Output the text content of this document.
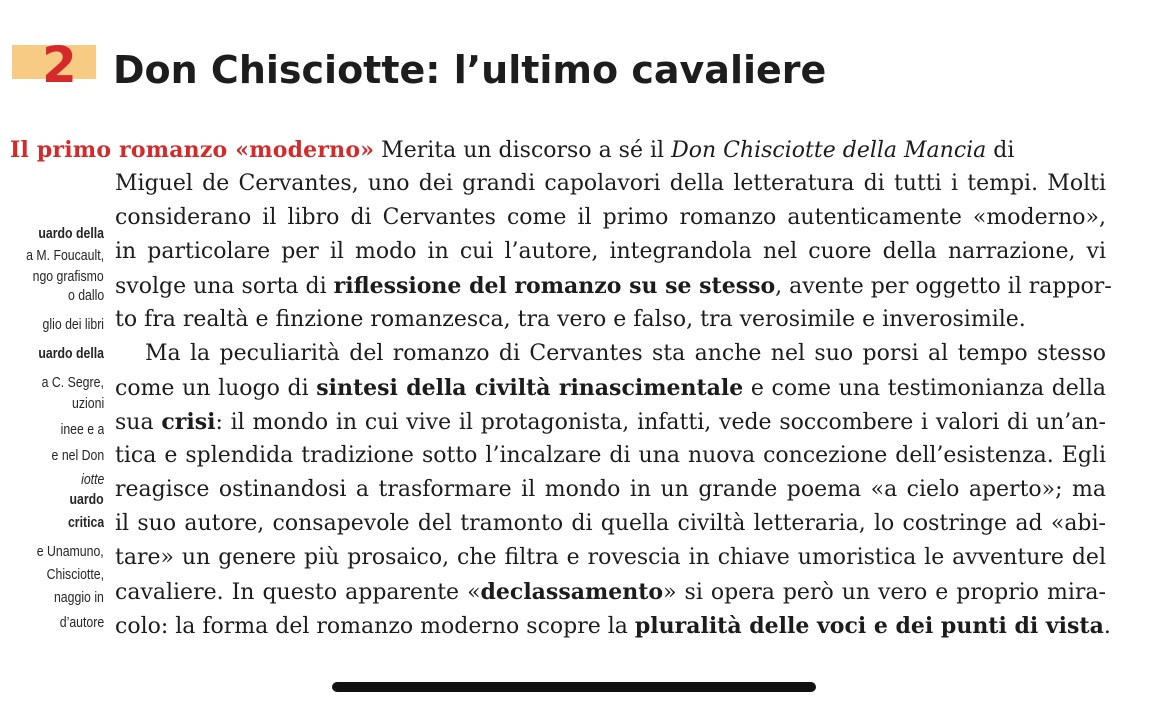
2 Don Chisciotte: l’ultimo cavaliere
uardo della
a M. Foucault,
ngo grafismo
o dallo
glio dei libri
uardo della
a C. Segre,
uzioni
inee e a
e nel Don
iotte
uardo
critica
e Unamuno,
Chisciotte,
naggio in
d’autore
Il primo romanzo «moderno» Merita un discorso a sé il Don Chisciotte della Mancia di
Miguel de Cervantes, uno dei grandi capolavori della letteratura di tutti i tempi. Molti
considerano il libro di Cervantes come il primo romanzo autenticamente «moderno»,
in particolare per il modo in cui l’autore, integrandola nel cuore della narrazione, vi
svolge una sorta di riflessione del romanzo su se stesso, avente per oggetto il rappor-
to fra realtà e finzione romanzesca, tra vero e falso, tra verosimile e inverosimile.
Ma la peculiarità del romanzo di Cervantes sta anche nel suo porsi al tempo stesso
come un luogo di sintesi della civiltà rinascimentale e come una testimonianza della
sua crisi: il mondo in cui vive il protagonista, infatti, vede soccombere i valori di un’an-
tica e splendida tradizione sotto l’incalzare di una nuova concezione dell’esistenza. Egli
reagisce ostinandosi a trasformare il mondo in un grande poema «a cielo aperto»; ma
il suo autore, consapevole del tramonto di quella civiltà letteraria, lo costringe ad «abi-
tare» un genere più prosaico, che filtra e rovescia in chiave umoristica le avventure del
cavaliere. In questo apparente «declassamento» si opera però un vero e proprio mira-
colo: la forma del romanzo moderno scopre la pluralità delle voci e dei punti di vista.
